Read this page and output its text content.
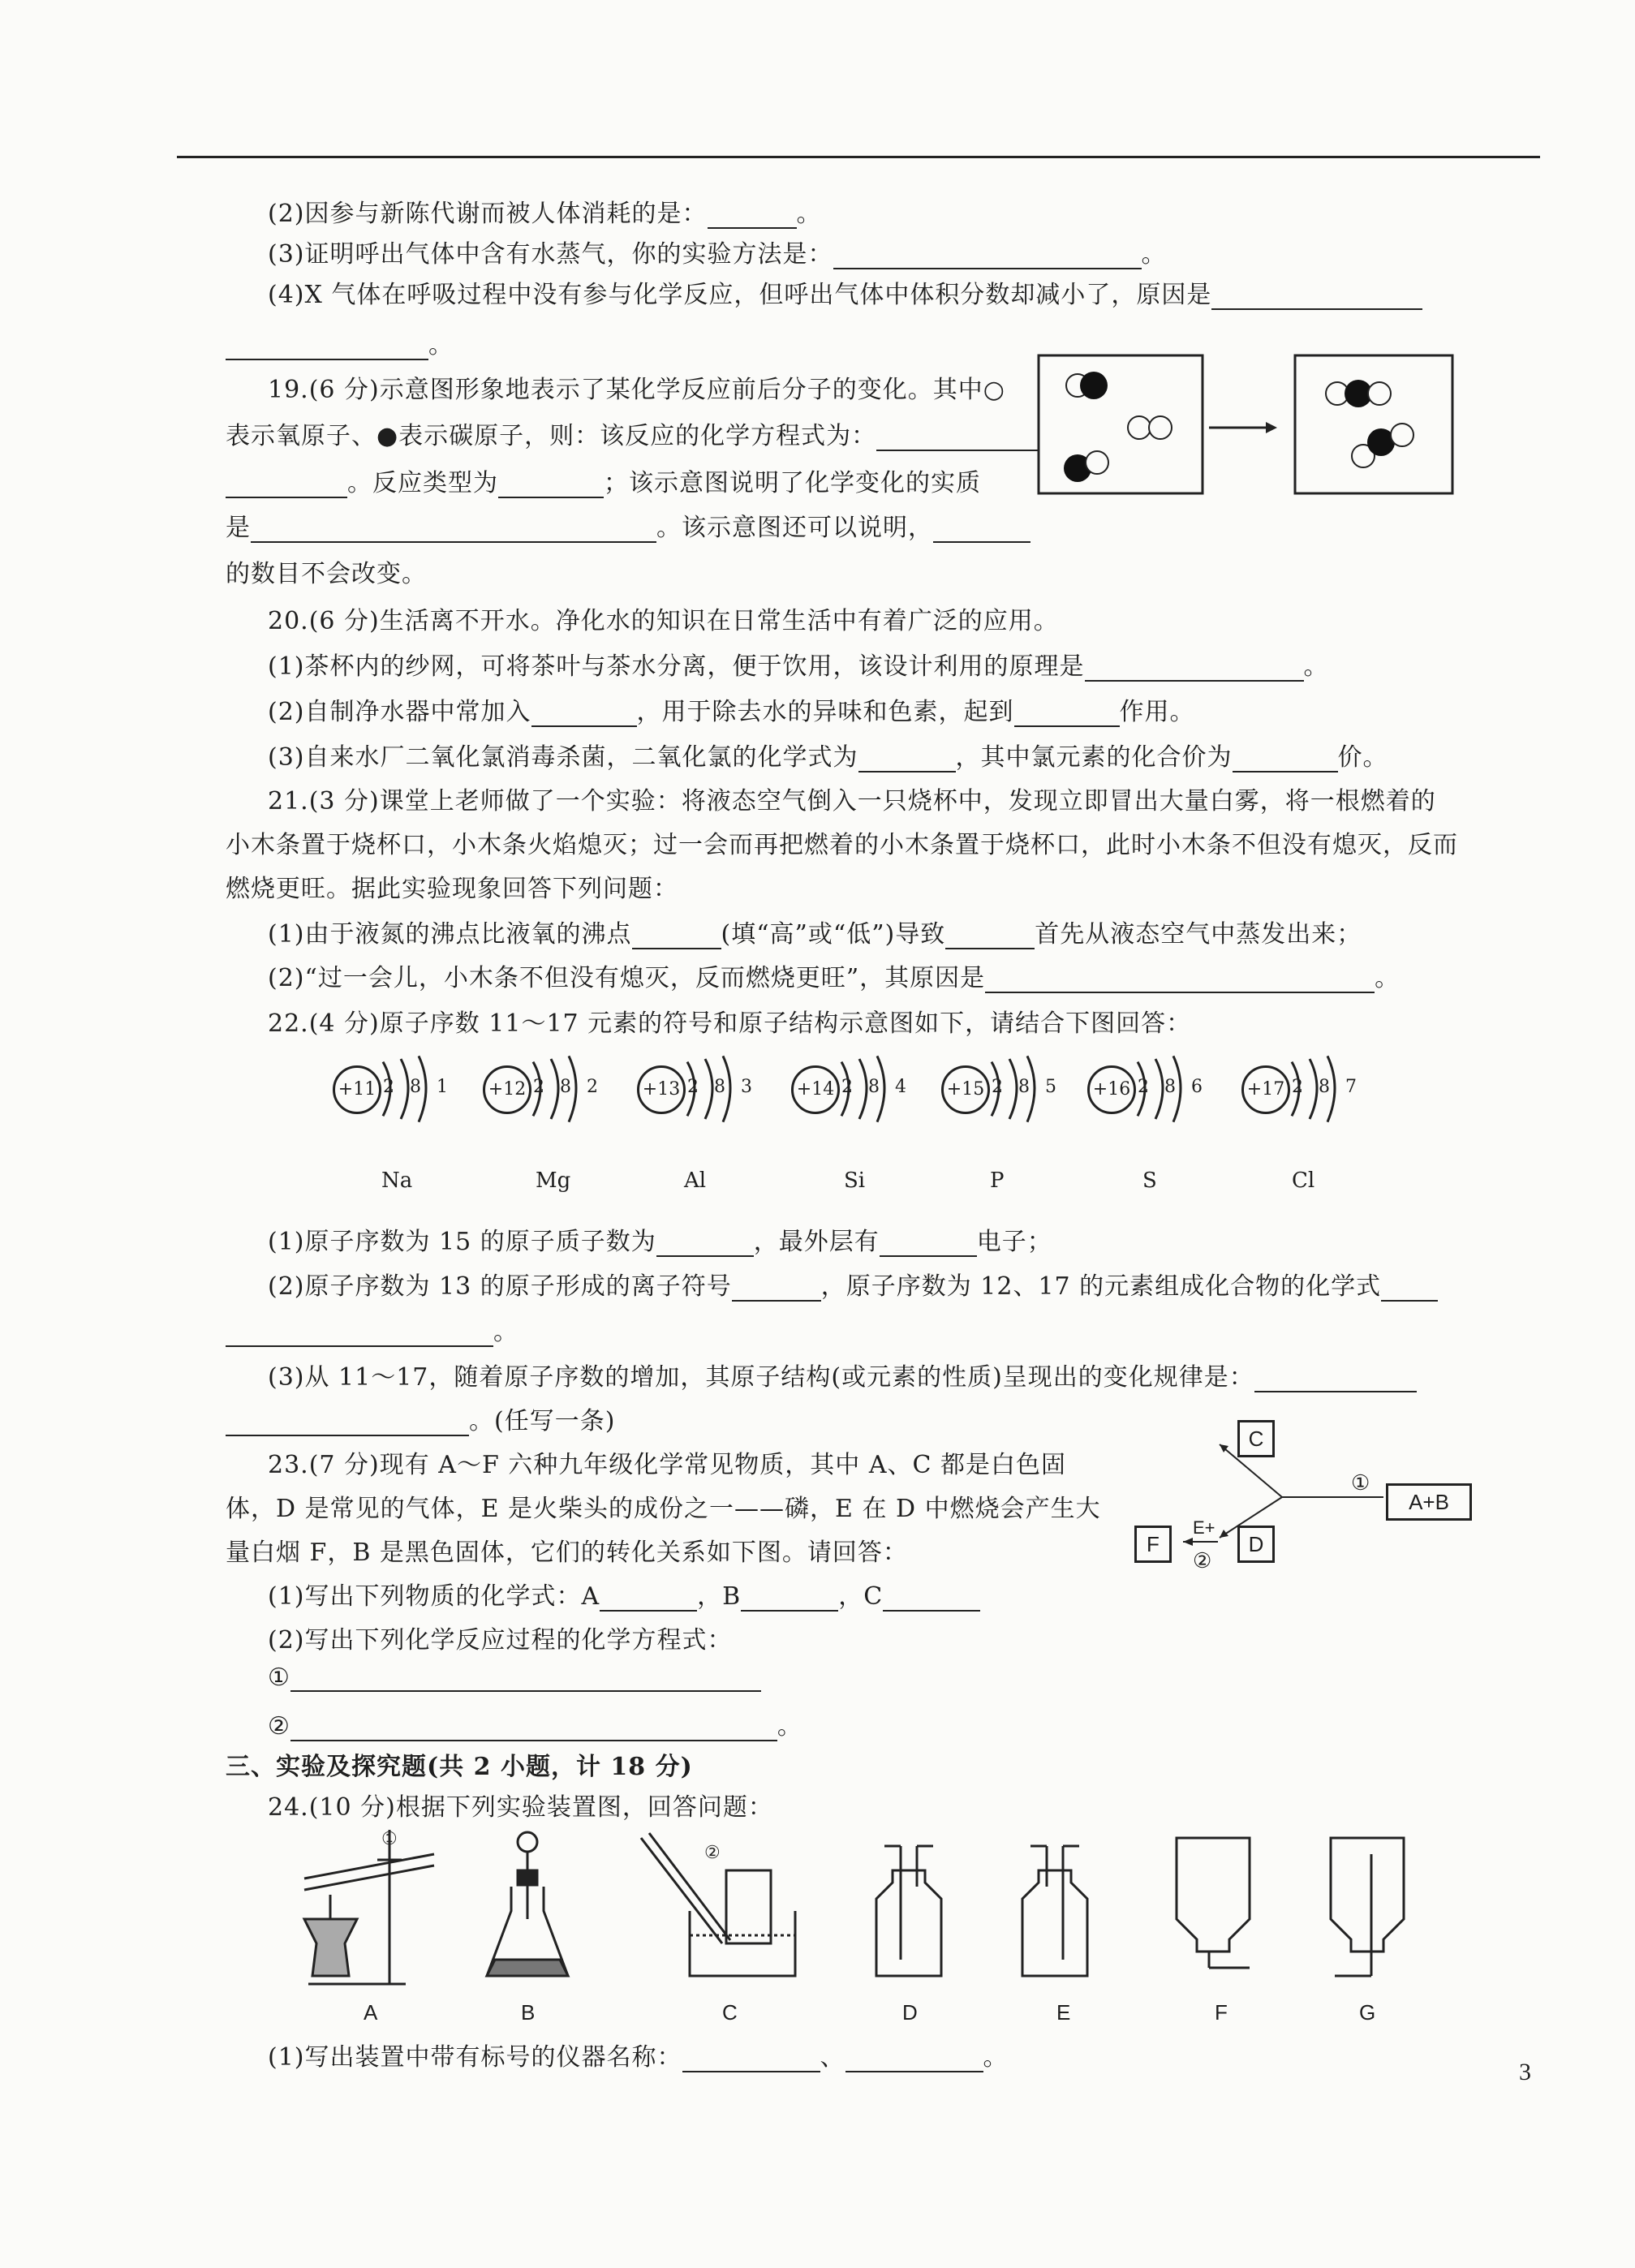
(2)因参与新陈代谢而被人体消耗的是：	。
(3)证明呼出气体中含有水蒸气，你的实验方法是：	。
(4)X 气体在呼吸过程中没有参与化学反应，但呼出气体中体积分数却减小了，原因是
。
19.(6 分)示意图形象地表示了某化学反应前后分子的变化。其中○
表示氧原子、●表示碳原子，则：该反应的化学方程式为：
。反应类型为	；该示意图说明了化学变化的实质
是	。该示意图还可以说明，
的数目不会改变。
20.(6 分)生活离不开水。净化水的知识在日常生活中有着广泛的应用。
(1)茶杯内的纱网，可将茶叶与茶水分离，便于饮用，该设计利用的原理是	。
(2)自制净水器中常加入	，用于除去水的异味和色素，起到	作用。
(3)自来水厂二氧化氯消毒杀菌，二氧化氯的化学式为	，其中氯元素的化合价为	价。
21.(3 分)课堂上老师做了一个实验：将液态空气倒入一只烧杯中，发现立即冒出大量白雾，将一根燃着的
小木条置于烧杯口，小木条火焰熄灭；过一会而再把燃着的小木条置于烧杯口，此时小木条不但没有熄灭，反而
燃烧更旺。据此实验现象回答下列问题：
(1)由于液氮的沸点比液氧的沸点	(填“高”或“低”)导致	首先从液态空气中蒸发出来；
(2)“过一会儿，小木条不但没有熄灭，反而燃烧更旺”，其原因是	。
22.(4 分)原子序数 11～17 元素的符号和原子结构示意图如下，请结合下图回答：
+11 2 8 1
Na
+12 2 8 2
Mg
+13 2 8 3
Al
+14 2 8 4
Si
+15 2 8 5
P
+16 2 8 6
S
+17 2 8 7
Cl
(1)原子序数为 15 的原子质子数为	，最外层有	电子；
(2)原子序数为 13 的原子形成的离子符号	，原子序数为 12、17 的元素组成化合物的化学式
。
(3)从 11～17，随着原子序数的增加，其原子结构(或元素的性质)呈现出的变化规律是：
。(任写一条)
23.(7 分)现有 A～F 六种九年级化学常见物质，其中 A、C 都是白色固
体，D 是常见的气体，E 是火柴头的成份之一——磷，E 在 D 中燃烧会产生大
量白烟 F，B 是黑色固体，它们的转化关系如下图。请回答：
(1)写出下列物质的化学式：A	，B	，C
(2)写出下列化学反应过程的化学方程式：
①
②	。
C
A+B
D
F
①
E+
②
三、实验及探究题(共 2 小题，计 18 分)
24.(10 分)根据下列实验装置图，回答问题：
①
②
A	B	C	D	E	F	G
(1)写出装置中带有标号的仪器名称：	、	。
3
